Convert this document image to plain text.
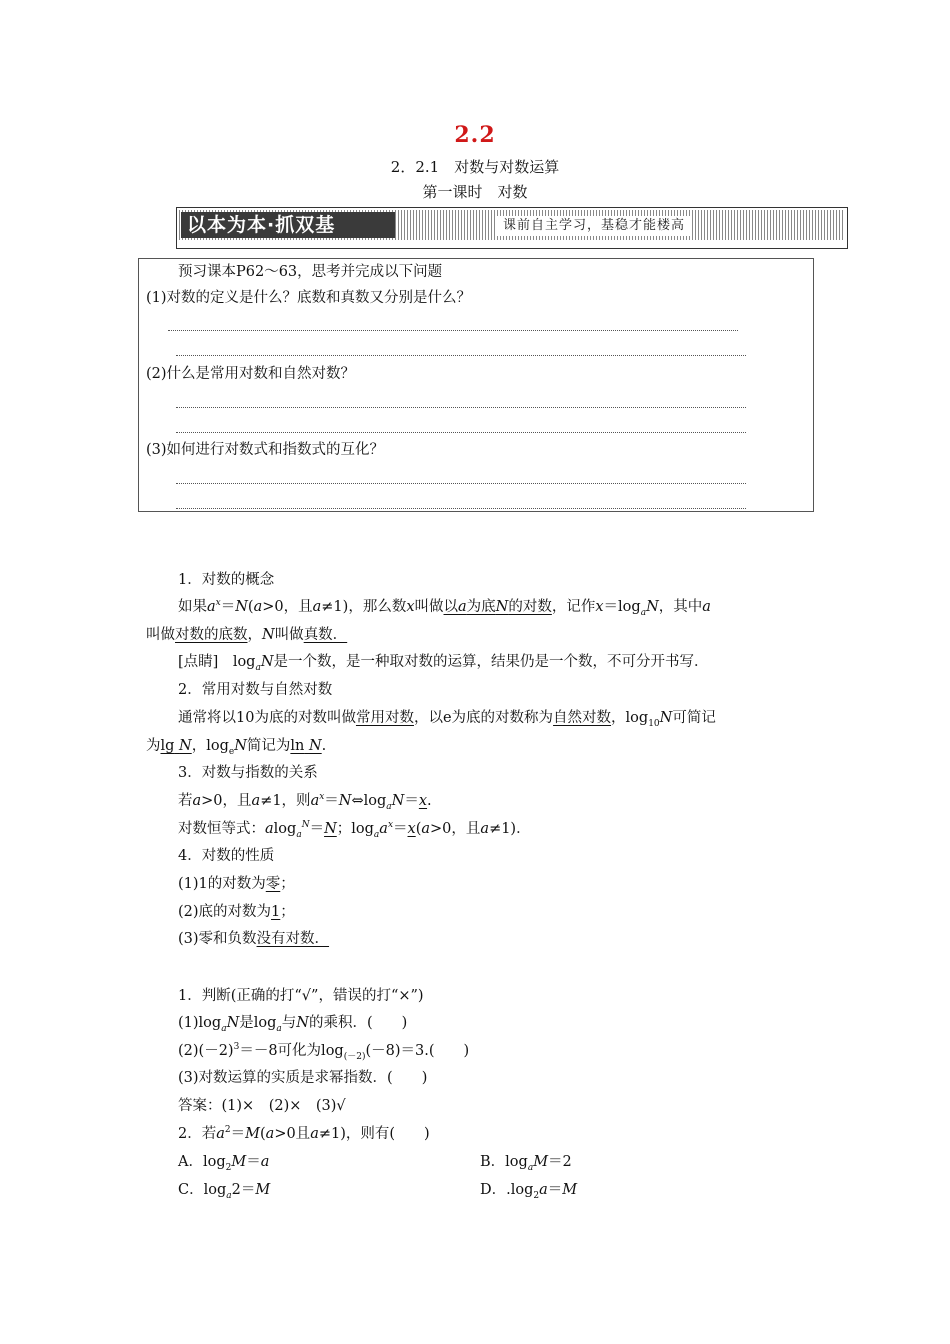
2.2
2．2.1　对数与对数运算
第一课时　对数
以本为本·抓双基	课前自主学习，基稳才能楼高
预习课本P62～63，思考并完成以下问题
(1)对数的定义是什么？底数和真数又分别是什么？
(2)什么是常用对数和自然对数？
(3)如何进行对数式和指数式的互化？
1．对数的概念
如果$a^x=N(a>0$，且a≠1)，那么数x叫做以a为底N的对数，记作$x=\log_aN$，其中a
叫做对数的底数，N叫做真数．
[点睛]　$\log_aN$是一个数，是一种取对数的运算，结果仍是一个数，不可分开书写．
2．常用对数与自然对数
通常将以10为底的对数叫做常用对数，以e为底的对数称为自然对数，$\log_{10}N$可简记
为lg N，$\log_eN$简记为ln N.
3．对数与指数的关系
若a>0，且a≠1，则$a^x=N\Leftrightarrow\log_aN=x$.
对数恒等式：alog$_a^N$＝N；$\log_aa^x=x(a>0$，且a≠1)．
4．对数的性质
(1)1的对数为零；
(2)底的对数为1；
(3)零和负数没有对数．
1．判断(正确的打“√”，错误的打“×”)
$(1)\log_aN$是$\log_a$与N的乘积．(　　)
$(2)(-2)^3=-8$可化为$\log_{(-2)}(-8)=3$.(　　)
(3)对数运算的实质是求幂指数．(　　)
答案：(1)×　(2)×　(3)√
2．若$a^2=M(a>0$且a≠1)，则有(　　)
A．$\log_2M=a$	B．$\log_aM=2$
C．$\log_a2=M$	D．$.\log_2a=M$
